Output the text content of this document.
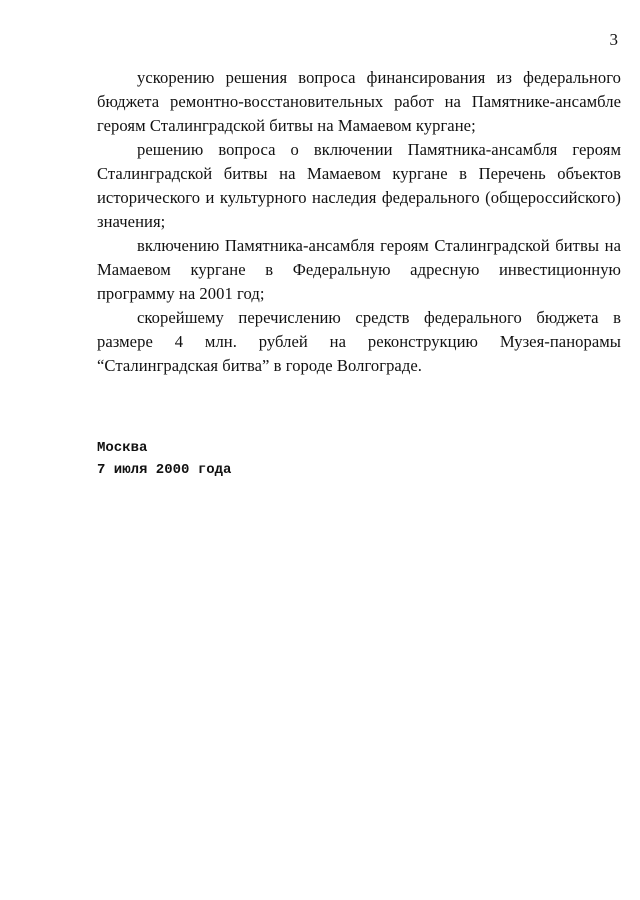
3

ускорению решения вопроса финансирования из федерального бюджета ремонтно-восстановительных работ на Памятнике-ансамбле героям Сталинградской битвы на Мамаевом кургане;

решению вопроса о включении Памятника-ансамбля героям Сталинградской битвы на Мамаевом кургане в Перечень объектов исторического и культурного наследия федерального (общероссийского) значения;

включению Памятника-ансамбля героям Сталинградской битвы на Мамаевом кургане в Федеральную адресную инвестиционную программу на 2001 год;

скорейшему перечислению средств федерального бюджета в размере 4 млн. рублей на реконструкцию Музея-панорамы “Сталинградская битва” в городе Волгограде.

Москва
7 июля 2000 года
